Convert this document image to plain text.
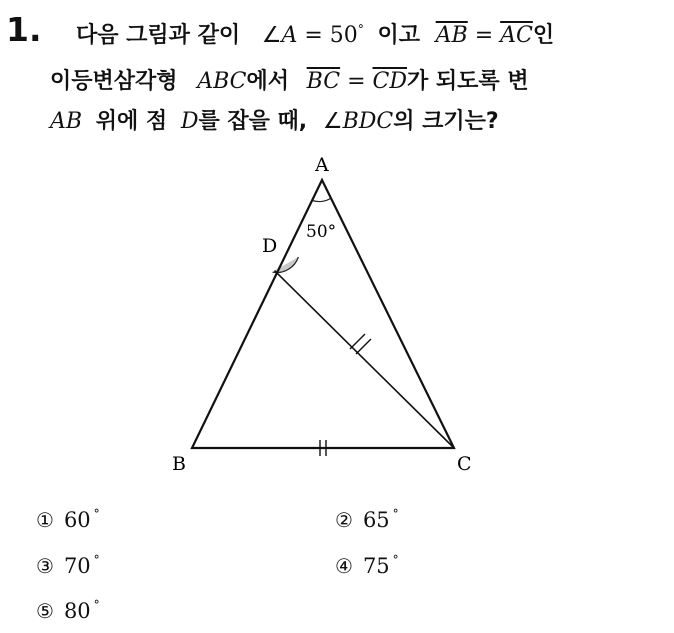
1. 다음 그림과 같이 ∠A = 50° 이고 $\overline{AB} = \overline{AC}$인
이등변삼각형 ABC에서 $\overline{BC} = \overline{CD}$가 되도록 변
AB 위에 점 D를 잡을 때, ∠BDC의 크기는?
A
B	C
D
50°
① 60 °	② 65 °
③ 70 °	④ 75 °
⑤ 80 °
